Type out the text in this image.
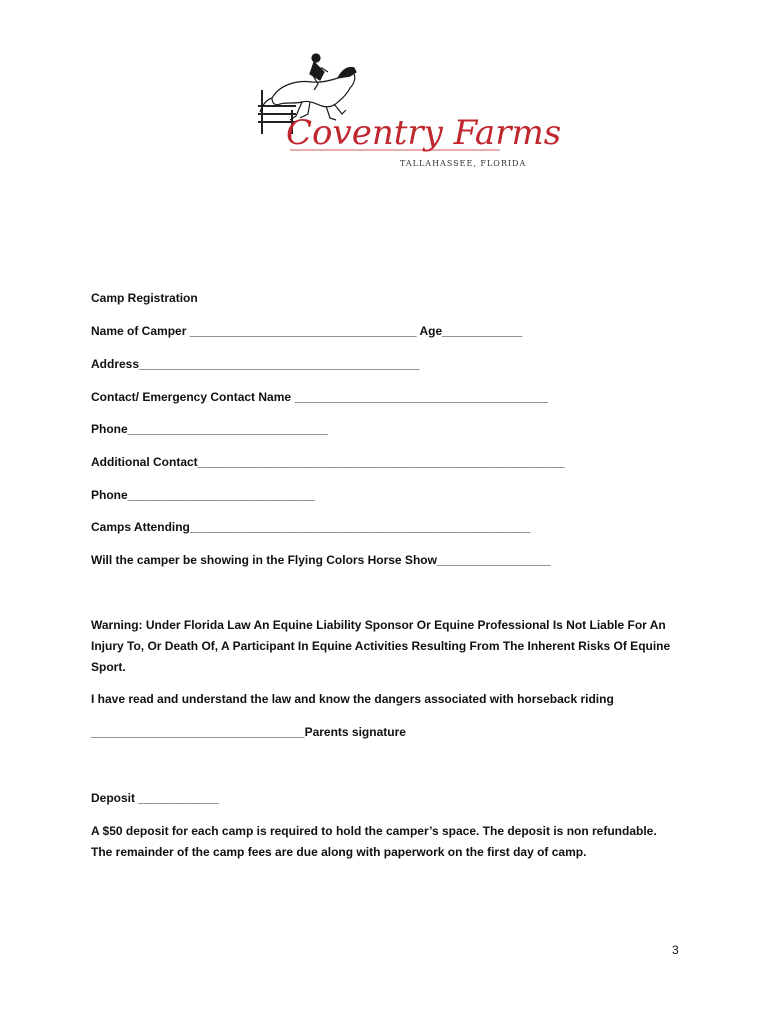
Coventry Farms
TALLAHASSEE, FLORIDA
Camp Registration
Name of Camper __________________________________ Age____________
Address__________________________________________
Contact/ Emergency Contact Name ______________________________________
Phone______________________________
Additional Contact_______________________________________________________
Phone____________________________
Camps Attending___________________________________________________
Will the camper be showing in the Flying Colors Horse Show_________________
Warning: Under Florida Law An Equine Liability Sponsor Or Equine Professional Is Not Liable For An Injury To, Or Death Of, A Participant In Equine Activities Resulting From The Inherent Risks Of Equine Sport.
I have read and understand the law and know the dangers associated with horseback riding
________________________________Parents signature
Deposit ____________
A $50 deposit for each camp is required to hold the camper’s space. The deposit is non refundable. The remainder of the camp fees are due along with paperwork on the first day of camp.
3
